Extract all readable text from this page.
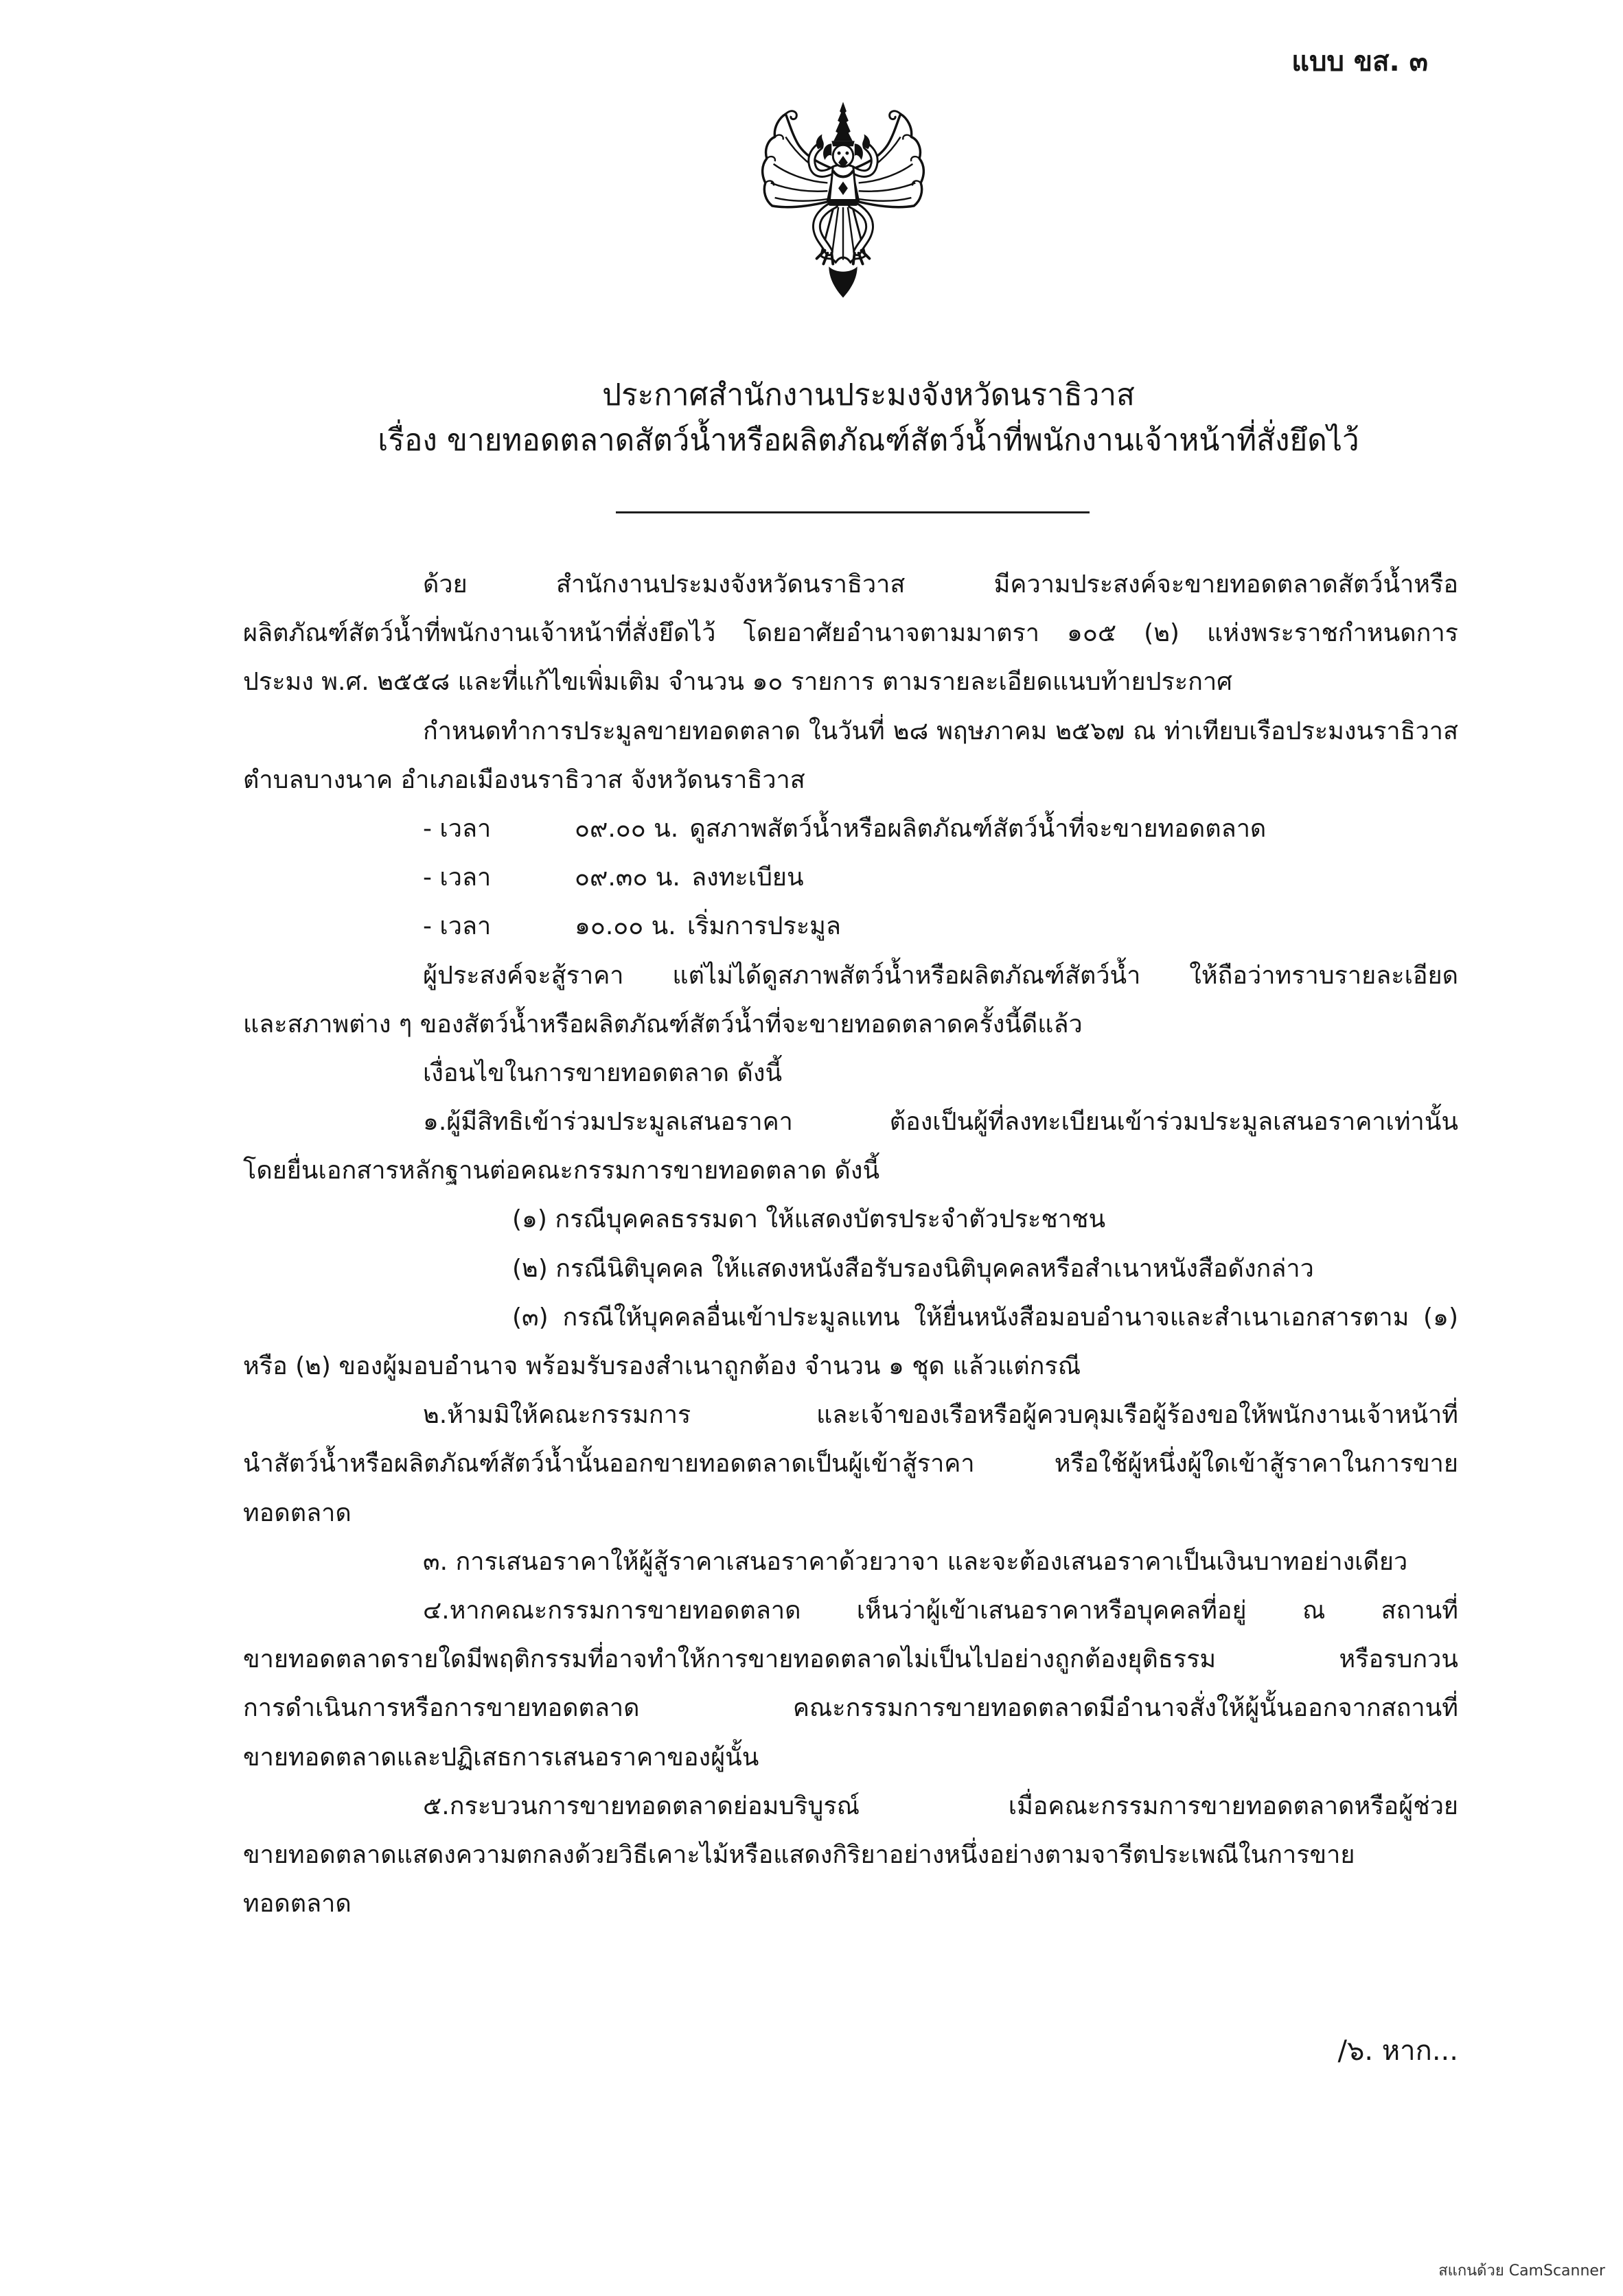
แบบ ขส. ๓
ประกาศสำนักงานประมงจังหวัดนราธิวาส
เรื่อง ขายทอดตลาดสัตว์น้ำหรือผลิตภัณฑ์สัตว์น้ำที่พนักงานเจ้าหน้าที่สั่งยึดไว้
ด้วย สำนักงานประมงจังหวัดนราธิวาส มีความประสงค์จะขายทอดตลาดสัตว์น้ำหรือ
ผลิตภัณฑ์สัตว์น้ำที่พนักงานเจ้าหน้าที่สั่งยึดไว้ โดยอาศัยอำนาจตามมาตรา ๑๐๕ (๒) แห่งพระราชกำหนดการ
ประมง พ.ศ. ๒๕๕๘ และที่แก้ไขเพิ่มเติม จำนวน ๑๐ รายการ ตามรายละเอียดแนบท้ายประกาศ
กำหนดทำการประมูลขายทอดตลาด ในวันที่ ๒๘ พฤษภาคม ๒๕๖๗ ณ ท่าเทียบเรือประมงนราธิวาส
ตำบลบางนาค อำเภอเมืองนราธิวาส จังหวัดนราธิวาส
- เวลา	๐๙.๐๐ น. ดูสภาพสัตว์น้ำหรือผลิตภัณฑ์สัตว์น้ำที่จะขายทอดตลาด
- เวลา	๐๙.๓๐ น. ลงทะเบียน
- เวลา	๑๐.๐๐ น. เริ่มการประมูล
ผู้ประสงค์จะสู้ราคา แต่ไม่ได้ดูสภาพสัตว์น้ำหรือผลิตภัณฑ์สัตว์น้ำ ให้ถือว่าทราบรายละเอียด
และสภาพต่าง ๆ ของสัตว์น้ำหรือผลิตภัณฑ์สัตว์น้ำที่จะขายทอดตลาดครั้งนี้ดีแล้ว
เงื่อนไขในการขายทอดตลาด ดังนี้
๑.ผู้มีสิทธิเข้าร่วมประมูลเสนอราคา ต้องเป็นผู้ที่ลงทะเบียนเข้าร่วมประมูลเสนอราคาเท่านั้น
โดยยื่นเอกสารหลักฐานต่อคณะกรรมการขายทอดตลาด ดังนี้
(๑) กรณีบุคคลธรรมดา ให้แสดงบัตรประจำตัวประชาชน
(๒) กรณีนิติบุคคล ให้แสดงหนังสือรับรองนิติบุคคลหรือสำเนาหนังสือดังกล่าว
(๓) กรณีให้บุคคลอื่นเข้าประมูลแทน ให้ยื่นหนังสือมอบอำนาจและสำเนาเอกสารตาม (๑)
หรือ (๒) ของผู้มอบอำนาจ พร้อมรับรองสำเนาถูกต้อง จำนวน ๑ ชุด แล้วแต่กรณี
๒.ห้ามมิให้คณะกรรมการ และเจ้าของเรือหรือผู้ควบคุมเรือผู้ร้องขอให้พนักงานเจ้าหน้าที่
นำสัตว์น้ำหรือผลิตภัณฑ์สัตว์น้ำนั้นออกขายทอดตลาดเป็นผู้เข้าสู้ราคา หรือใช้ผู้หนึ่งผู้ใดเข้าสู้ราคาในการขาย
ทอดตลาด
๓. การเสนอราคาให้ผู้สู้ราคาเสนอราคาด้วยวาจา และจะต้องเสนอราคาเป็นเงินบาทอย่างเดียว
๔.หากคณะกรรมการขายทอดตลาด เห็นว่าผู้เข้าเสนอราคาหรือบุคคลที่อยู่ ณ สถานที่
ขายทอดตลาดรายใดมีพฤติกรรมที่อาจทำให้การขายทอดตลาดไม่เป็นไปอย่างถูกต้องยุติธรรม หรือรบกวน
การดำเนินการหรือการขายทอดตลาด คณะกรรมการขายทอดตลาดมีอำนาจสั่งให้ผู้นั้นออกจากสถานที่
ขายทอดตลาดและปฏิเสธการเสนอราคาของผู้นั้น
๕.กระบวนการขายทอดตลาดย่อมบริบูรณ์ เมื่อคณะกรรมการขายทอดตลาดหรือผู้ช่วย
ขายทอดตลาดแสดงความตกลงด้วยวิธีเคาะไม้หรือแสดงกิริยาอย่างหนึ่งอย่างตามจารีตประเพณีในการขาย
ทอดตลาด
/๖. หาก...
สแกนด้วย CamScanner
